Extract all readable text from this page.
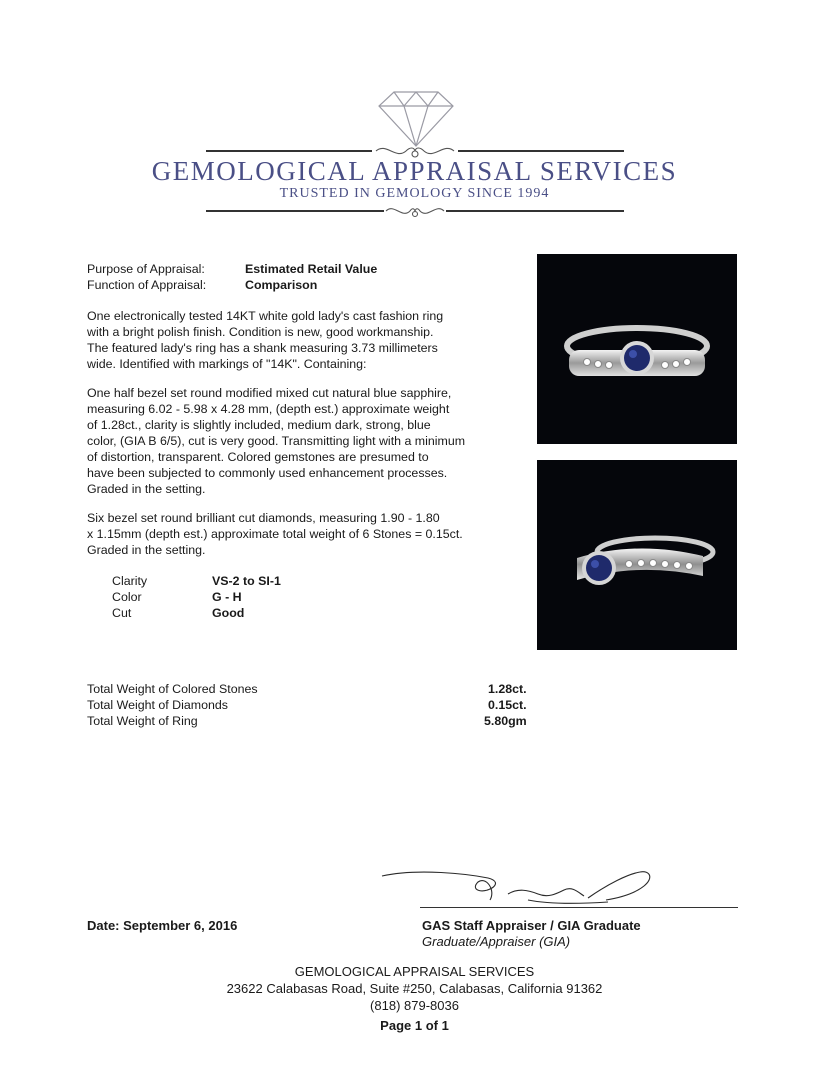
GEMOLOGICAL APPRAISAL SERVICES
TRUSTED IN GEMOLOGY SINCE 1994
Purpose of Appraisal:	Estimated Retail Value
Function of Appraisal:	Comparison
One electronically tested 14KT white gold lady's cast fashion ring
with a bright polish finish. Condition is new, good workmanship.
The featured lady's ring has a shank measuring 3.73 millimeters
wide. Identified with markings of "14K". Containing:
One half bezel set round modified mixed cut natural blue sapphire,
measuring 6.02 - 5.98 x 4.28 mm, (depth est.) approximate weight
of 1.28ct., clarity is slightly included, medium dark, strong, blue
color, (GIA B 6/5), cut is very good. Transmitting light with a minimum
of distortion, transparent. Colored gemstones are presumed to
have been subjected to commonly used enhancement processes.
Graded in the setting.
Six bezel set round brilliant cut diamonds, measuring 1.90 - 1.80
x 1.15mm (depth est.) approximate total weight of 6 Stones = 0.15ct.
Graded in the setting.
Clarity	VS-2 to SI-1
Color	G - H
Cut	Good
Total Weight of Colored Stones	1.28ct.
Total Weight of Diamonds	0.15ct.
Total Weight of Ring	5.80gm
Date: September 6, 2016	GAS Staff Appraiser / GIA Graduate
Graduate/Appraiser (GIA)
GEMOLOGICAL APPRAISAL SERVICES
23622 Calabasas Road, Suite #250, Calabasas, California 91362
(818) 879-8036
Page 1 of 1
